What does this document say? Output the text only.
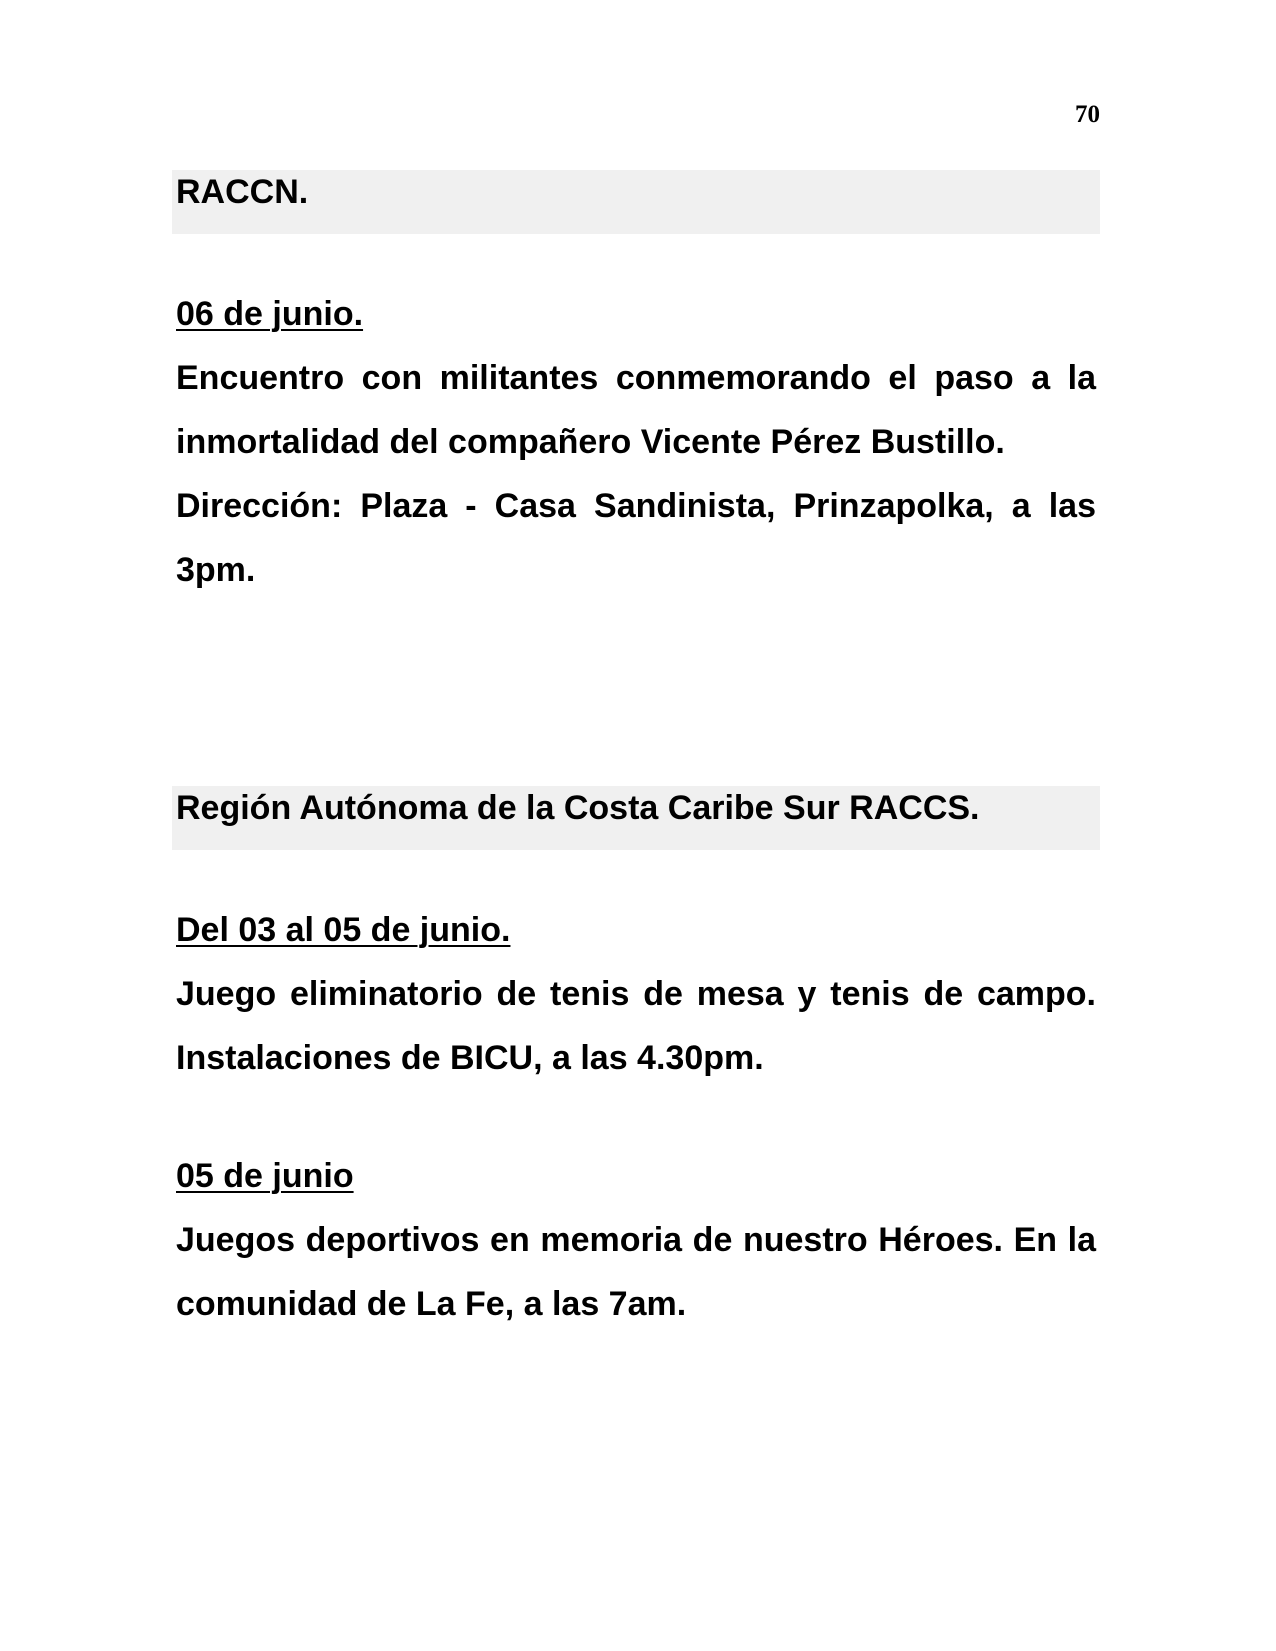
70
RACCN.
06 de junio.
Encuentro con militantes conmemorando el paso a la inmortalidad del compañero Vicente Pérez Bustillo.
Dirección: Plaza - Casa Sandinista, Prinzapolka, a las 3pm.
Región Autónoma de la Costa Caribe Sur RACCS.
Del 03 al 05 de junio.
Juego eliminatorio de tenis de mesa y tenis de campo. Instalaciones de BICU, a las 4.30pm.
05 de junio
Juegos deportivos en memoria de nuestro Héroes. En la comunidad de La Fe, a las 7am.
